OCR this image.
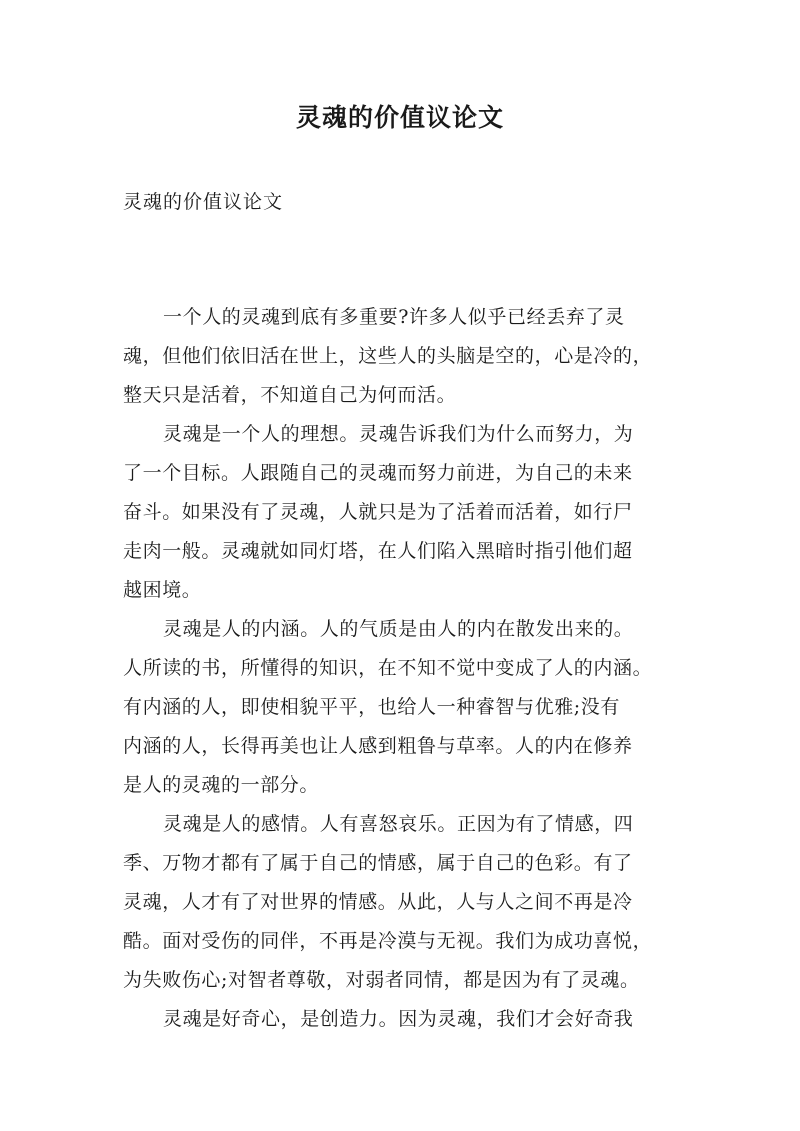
灵魂的价值议论文

灵魂的价值议论文

一个人的灵魂到底有多重要?许多人似乎已经丢弃了灵
魂，但他们依旧活在世上，这些人的头脑是空的，心是冷的，
整天只是活着，不知道自己为何而活。

灵魂是一个人的理想。灵魂告诉我们为什么而努力，为
了一个目标。人跟随自己的灵魂而努力前进，为自己的未来
奋斗。如果没有了灵魂，人就只是为了活着而活着，如行尸
走肉一般。灵魂就如同灯塔，在人们陷入黑暗时指引他们超
越困境。

灵魂是人的内涵。人的气质是由人的内在散发出来的。
人所读的书，所懂得的知识，在不知不觉中变成了人的内涵。
有内涵的人，即使相貌平平，也给人一种睿智与优雅;没有
内涵的人，长得再美也让人感到粗鲁与草率。人的内在修养
是人的灵魂的一部分。

灵魂是人的感情。人有喜怒哀乐。正因为有了情感，四
季、万物才都有了属于自己的情感，属于自己的色彩。有了
灵魂，人才有了对世界的情感。从此，人与人之间不再是冷
酷。面对受伤的同伴，不再是冷漠与无视。我们为成功喜悦，
为失败伤心;对智者尊敬，对弱者同情，都是因为有了灵魂。

灵魂是好奇心，是创造力。因为灵魂，我们才会好奇我
